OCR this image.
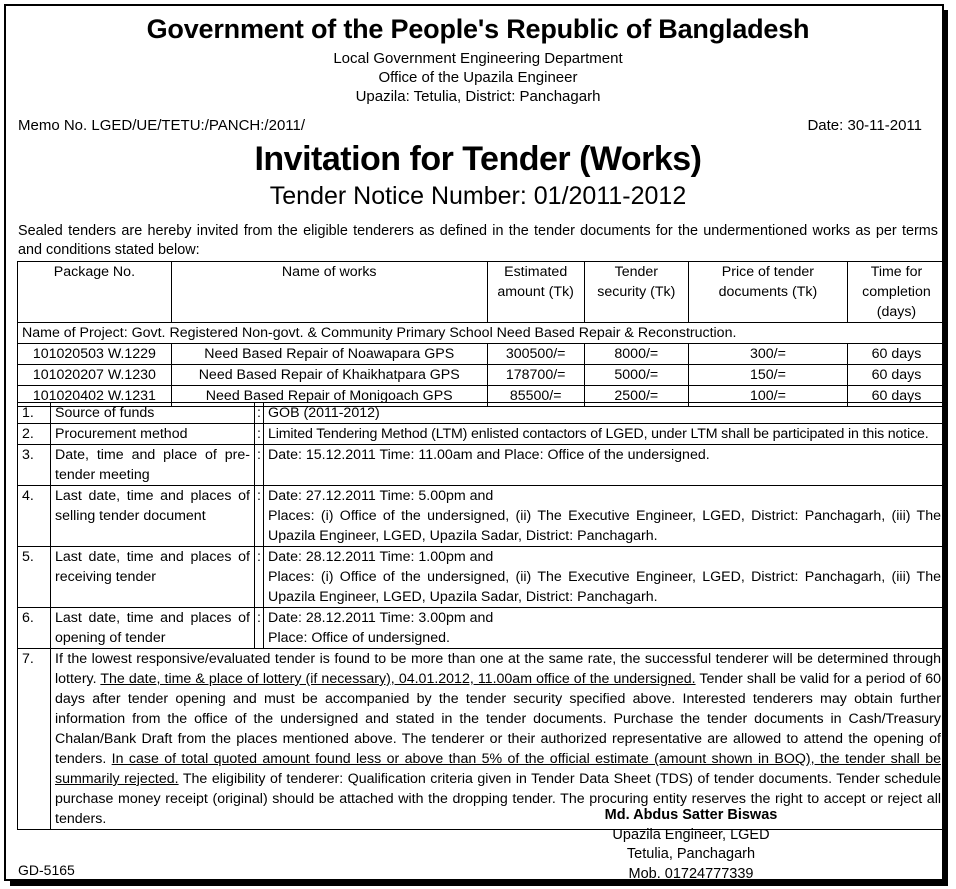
Government of the People's Republic of Bangladesh
Local Government Engineering Department
Office of the Upazila Engineer
Upazila: Tetulia, District: Panchagarh
Memo No. LGED/UE/TETU:/PANCH:/2011/	Date: 30-11-2011
Invitation for Tender (Works)
Tender Notice Number: 01/2011-2012
Sealed tenders are hereby invited from the eligible tenderers as defined in the tender documents for the undermentioned works as per terms and conditions stated below:
Package No.	Name of works	Estimated amount (Tk)	Tender security (Tk)	Price of tender documents (Tk)	Time for completion (days)
Name of Project: Govt. Registered Non-govt. & Community Primary School Need Based Repair & Reconstruction.					
101020503 W.1229	Need Based Repair of Noawapara GPS	300500/=	8000/=	300/=	60 days
101020207 W.1230	Need Based Repair of Khaikhatpara GPS	178700/=	5000/=	150/=	60 days
101020402 W.1231	Need Based Repair of Monigoach GPS	85500/=	2500/=	100/=	60 days
1.	Source of funds	:	GOB (2011-2012)
2.	Procurement method	:	Limited Tendering Method (LTM) enlisted contactors of LGED, under LTM shall be participated in this notice.
3.	Date, time and place of pre-tender meeting	:	Date: 15.12.2011 Time: 11.00am and Place: Office of the undersigned.
4.	Last date, time and places of selling tender document	:	Date: 27.12.2011 Time: 5.00pm and
Places: (i) Office of the undersigned, (ii) The Executive Engineer, LGED, District: Panchagarh, (iii) The Upazila Engineer, LGED, Upazila Sadar, District: Panchagarh.

5.	Last date, time and places of receiving tender	:	Date: 28.12.2011 Time: 1.00pm and
Places: (i) Office of the undersigned, (ii) The Executive Engineer, LGED, District: Panchagarh, (iii) The Upazila Engineer, LGED, Upazila Sadar, District: Panchagarh.

6.	Last date, time and places of opening of tender	:	Date: 28.12.2011 Time: 3.00pm and
Place: Office of undersigned.

7.	If the lowest responsive/evaluated tender is found to be more than one at the same rate, the successful tenderer will be determined through lottery. The date, time & place of lottery (if necessary), 04.01.2012, 11.00am office of the undersigned. Tender shall be valid for a period of 60 days after tender opening and must be accompanied by the tender security specified above. Interested tenderers may obtain further information from the office of the undersigned and stated in the tender documents. Purchase the tender documents in Cash/Treasury Chalan/Bank Draft from the places mentioned above. The tenderer or their authorized representative are allowed to attend the opening of tenders. In case of total quoted amount found less or above than 5% of the official estimate (amount shown in BOQ), the tender shall be summarily rejected. The eligibility of tenderer: Qualification criteria given in Tender Data Sheet (TDS) of tender documents. Tender schedule purchase money receipt (original) should be attached with the dropping tender. The procuring entity reserves the right to accept or reject all tenders.			Md. Abdus Satter Biswas
Upazila Engineer, LGED
Tetulia, Panchagarh
Mob. 01724777339
GD-5165
